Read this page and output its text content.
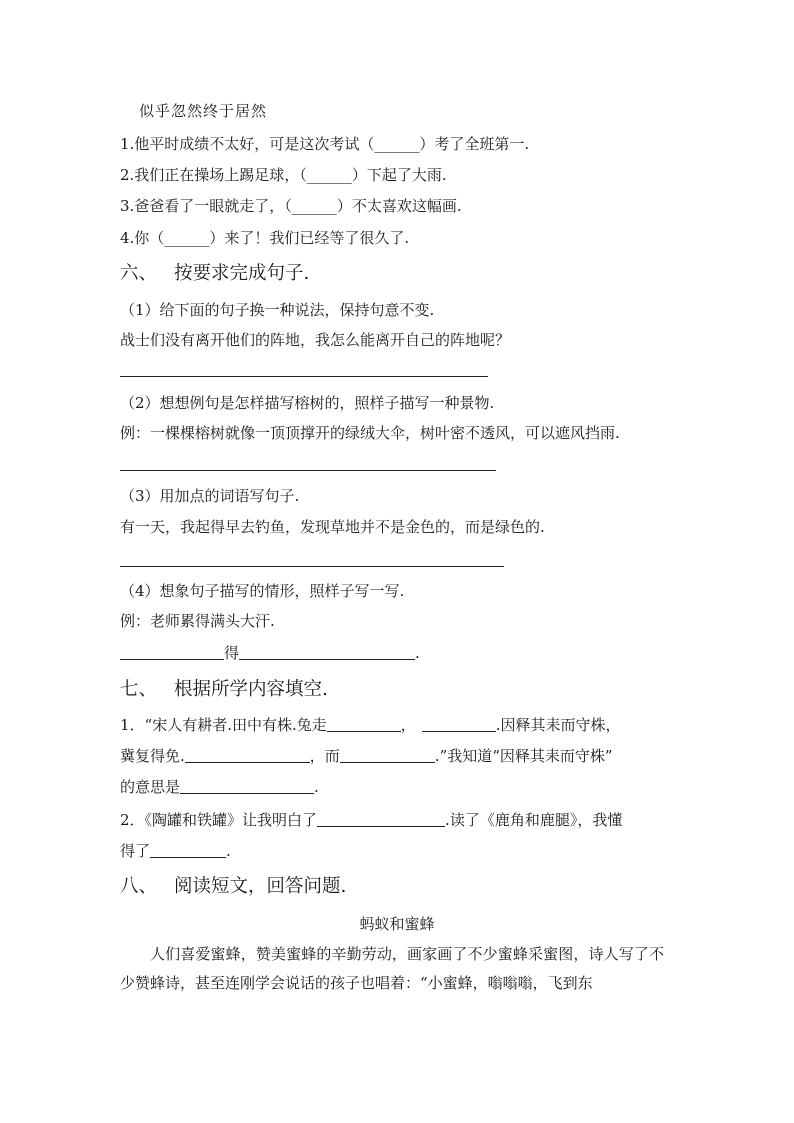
似乎忽然终于居然
1.他平时成绩不太好，可是这次考试（______）考了全班第一.
2.我们正在操场上踢足球，（______）下起了大雨.
3.爸爸看了一眼就走了，（______）不太喜欢这幅画.
4.你（______）来了！我们已经等了很久了.
六、 按要求完成句子.
（1）给下面的句子换一种说法，保持句意不变.
战士们没有离开他们的阵地，我怎么能离开自己的阵地呢？
（2）想想例句是怎样描写榕树的，照样子描写一种景物.
例：一棵棵榕树就像一顶顶撑开的绿绒大伞，树叶密不透风，可以遮风挡雨.
（3）用加点的词语写句子.
有一天，我起得早去钓鱼，发现草地并不是金色的，而是绿色的.
（4）想象句子描写的情形，照样子写一写.
例：老师累得满头大汗.
得	.
七、 根据所学内容填空.
1．“宋人有耕者.田中有株.兔走	，	.因释其耒而守株，
冀复得免.	，而	.”我知道“因释其耒而守株”
的意思是	.
2．《陶罐和铁罐》让我明白了	.读了《鹿角和鹿腿》，我懂
得了	.
八、 阅读短文，回答问题.
蚂蚁和蜜蜂
人们喜爱蜜蜂，赞美蜜蜂的辛勤劳动，画家画了不少蜜蜂采蜜图，诗人写了不少赞蜂诗，甚至连刚学会说话的孩子也唱着：“小蜜蜂，嗡嗡嗡，飞到东
